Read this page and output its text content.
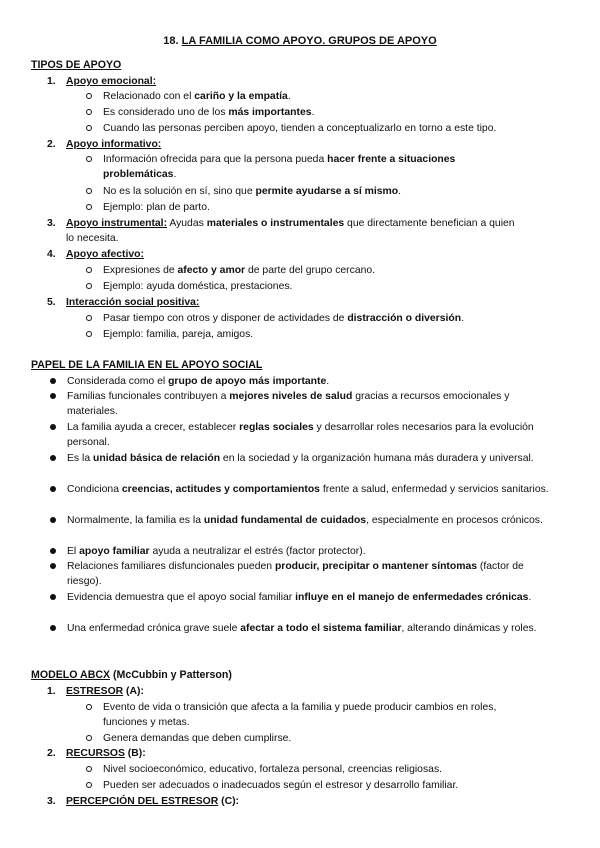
18. LA FAMILIA COMO APOYO. GRUPOS DE APOYO
TIPOS DE APOYO
1. Apoyo emocional:
Relacionado con el cariño y la empatía.
Es considerado uno de los más importantes.
Cuando las personas perciben apoyo, tienden a conceptualizarlo en torno a este tipo.
2. Apoyo informativo:
Información ofrecida para que la persona pueda hacer frente a situaciones problemáticas.
No es la solución en sí, sino que permite ayudarse a sí mismo.
Ejemplo: plan de parto.
3. Apoyo instrumental: Ayudas materiales o instrumentales que directamente benefician a quien
lo necesita.
4. Apoyo afectivo:
Expresiones de afecto y amor de parte del grupo cercano.
Ejemplo: ayuda doméstica, prestaciones.
5. Interacción social positiva:
Pasar tiempo con otros y disponer de actividades de distracción o diversión.
Ejemplo: familia, pareja, amigos.
PAPEL DE LA FAMILIA EN EL APOYO SOCIAL
Considerada como el grupo de apoyo más importante.
Familias funcionales contribuyen a mejores niveles de salud gracias a recursos emocionales y materiales.
La familia ayuda a crecer, establecer reglas sociales y desarrollar roles necesarios para la evolución personal.
Es la unidad básica de relación en la sociedad y la organización humana más duradera y universal.
Condiciona creencias, actitudes y comportamientos frente a salud, enfermedad y servicios sanitarios.
Normalmente, la familia es la unidad fundamental de cuidados, especialmente en procesos crónicos.
El apoyo familiar ayuda a neutralizar el estrés (factor protector).
Relaciones familiares disfuncionales pueden producir, precipitar o mantener síntomas (factor de riesgo).
Evidencia demuestra que el apoyo social familiar influye en el manejo de enfermedades crónicas.
Una enfermedad crónica grave suele afectar a todo el sistema familiar, alterando dinámicas y roles.
MODELO ABCX (McCubbin y Patterson)
1. ESTRESOR (A):
Evento de vida o transición que afecta a la familia y puede producir cambios en roles, funciones y metas.
Genera demandas que deben cumplirse.
2. RECURSOS (B):
Nivel socioeconómico, educativo, fortaleza personal, creencias religiosas.
Pueden ser adecuados o inadecuados según el estresor y desarrollo familiar.
3. PERCEPCIÓN DEL ESTRESOR (C):
